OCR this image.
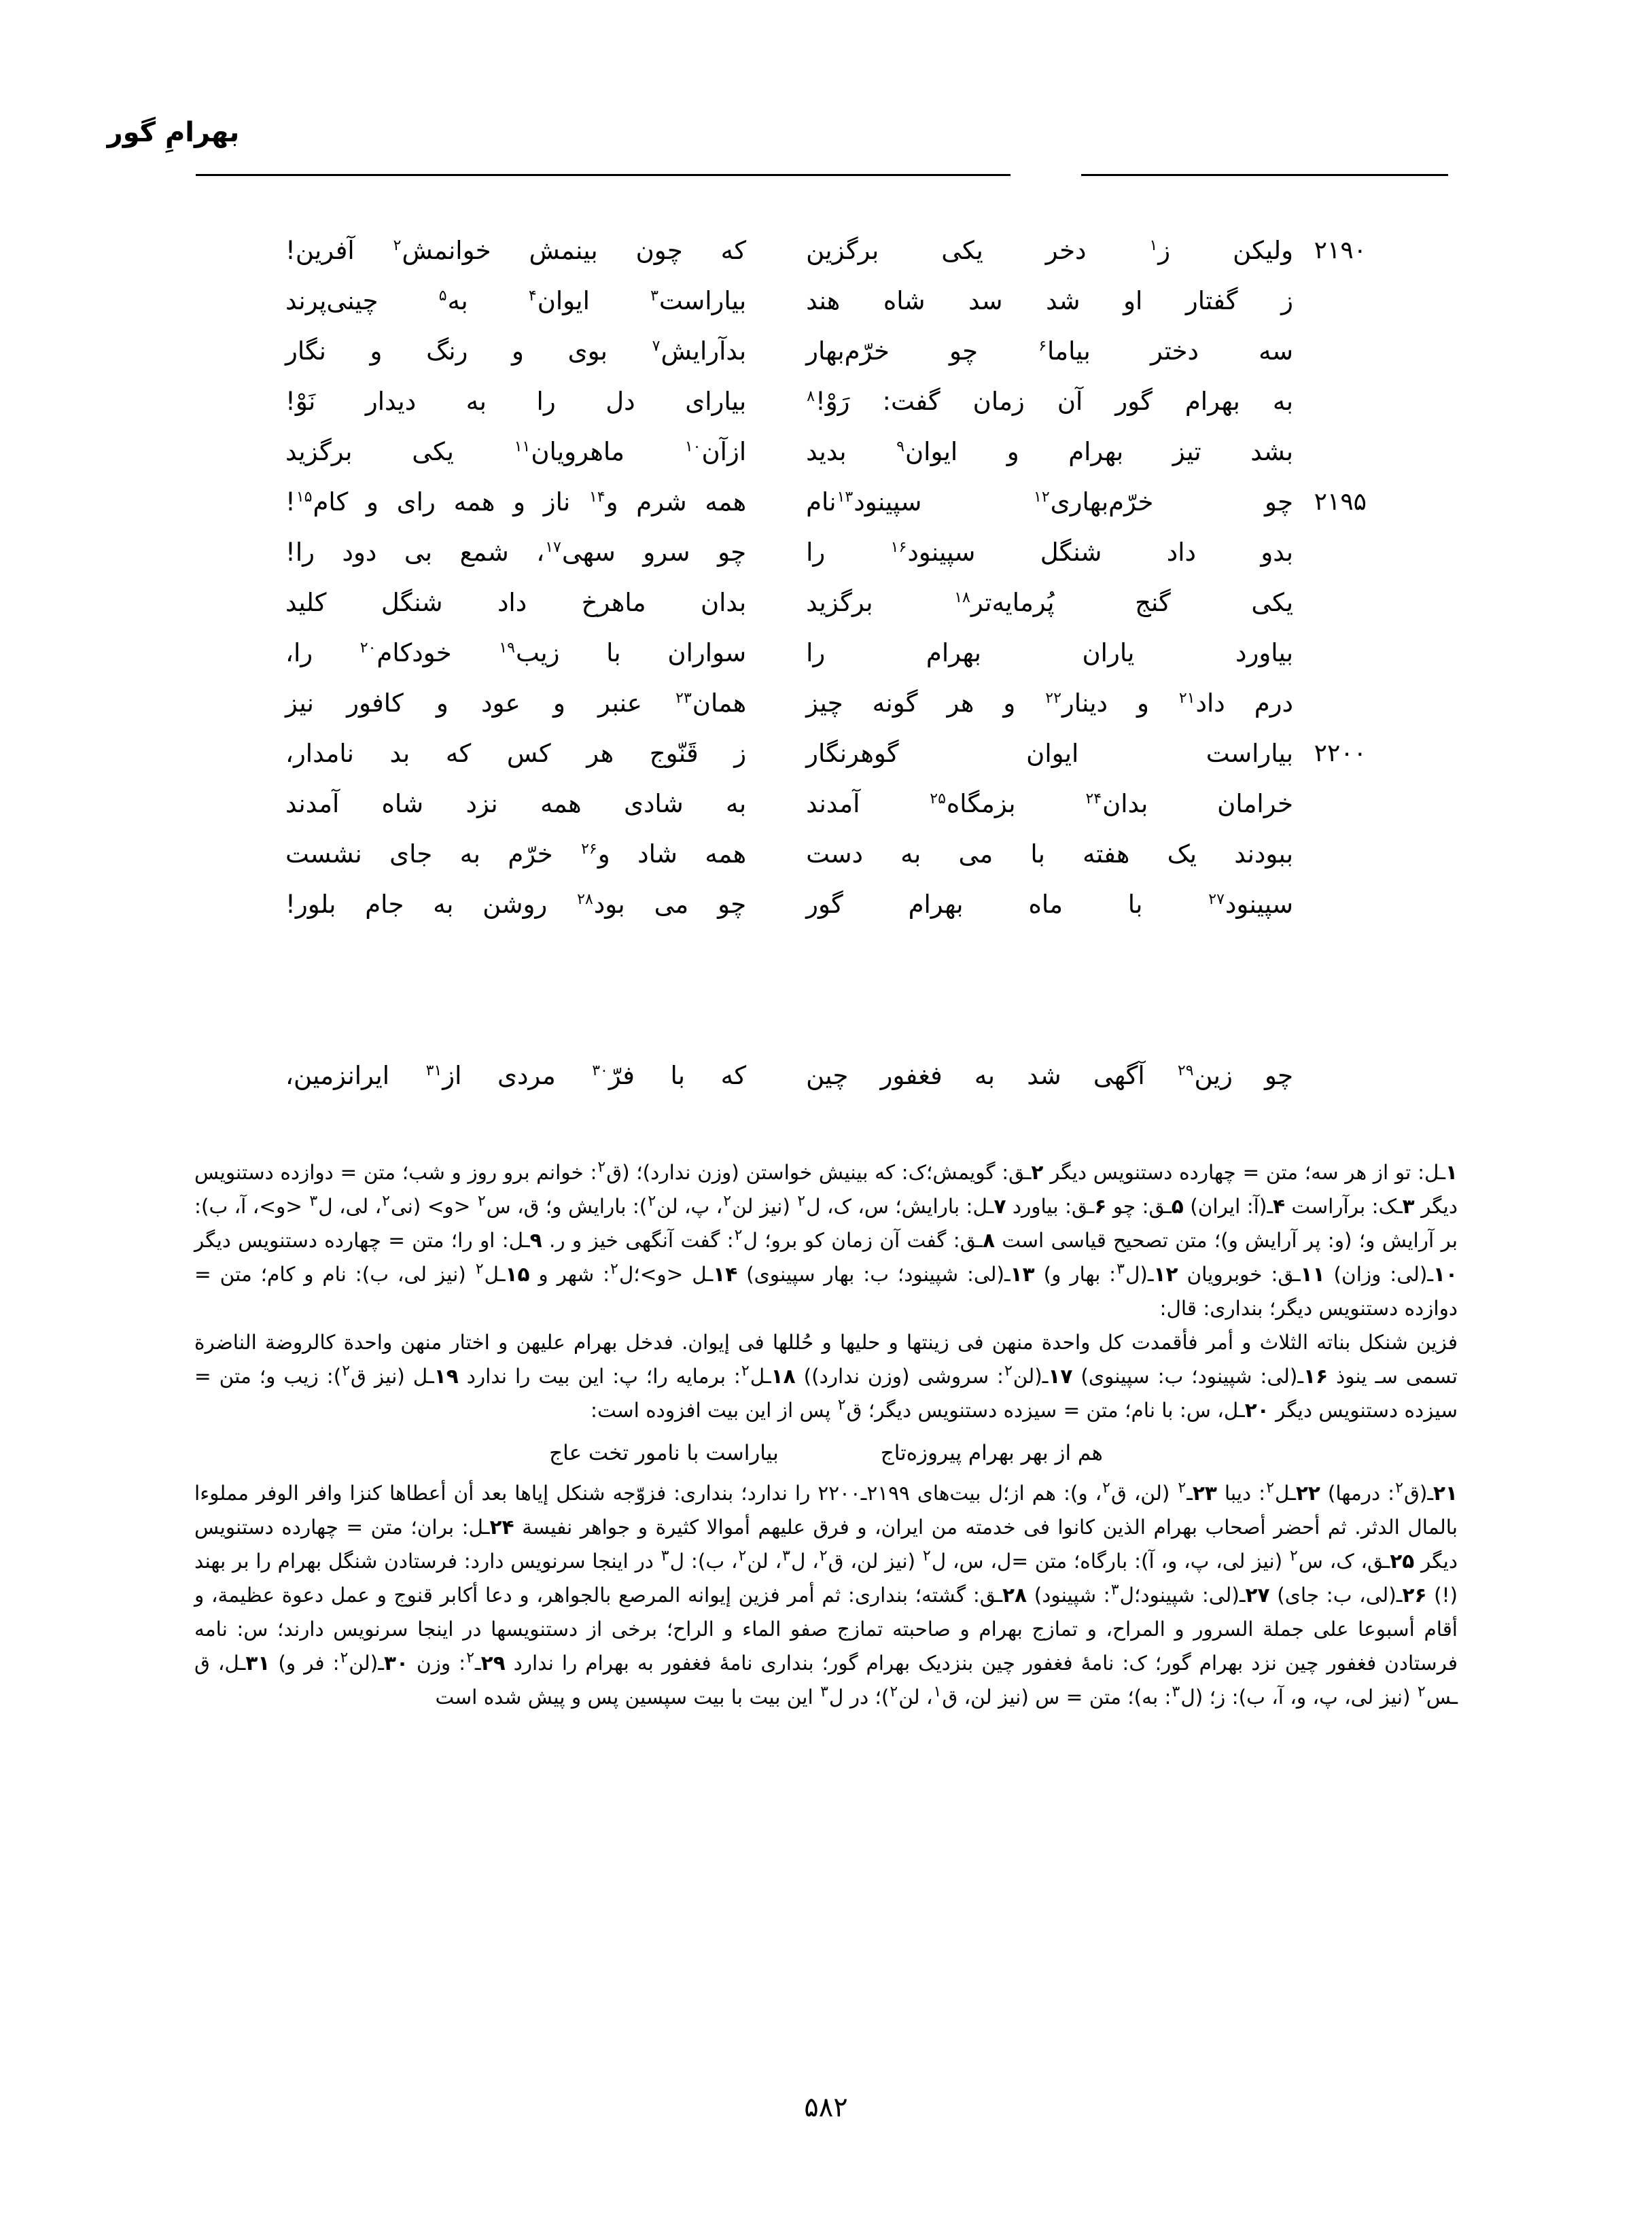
بهرامِ گور
۲۱۹۰
ولیکن ز$^۱$ دخر یکی برگزین
که چون بینمش خوانمش$^۲$ آفرین!

ز گفتار او شد سد شاه هند
بیاراست$^۳$ ایوان$^۴$ به$^۵$ چینی‌پرند

سه دختر بیاما$^۶$ چو خرّم‌بهار
بدآرایش$^۷$ بوی و رنگ و نگار

به بهرام گور آن زمان گفت: رَوْ!$^۸$
بیارای دل را به دیدار نَوْ!

بشد تیز بهرام و ایوان$^۹$ بدید
ازآن$^{۱۰}$ ماهرویان$^{۱۱}$ یکی برگزید
۲۱۹۵
چو خرّم‌بهاری$^{۱۲}$ سپینود$^{۱۳}$نام
همه شرم و$^{۱۴}$ ناز و همه رای و کام$^{۱۵}$!

بدو داد شنگل سپینود$^{۱۶}$ را
چو سرو سهی$^{۱۷}$، شمع بی دود را!

یکی گنج پُرمایه‌تر$^{۱۸}$ برگزید
بدان ماهرخ داد شنگل کلید

بیاورد یاران بهرام را
سواران با زیب$^{۱۹}$ خودکام$^{۲۰}$ را،

درم داد$^{۲۱}$ و دینار$^{۲۲}$ و هر گونه چیز
همان$^{۲۳}$ عنبر و عود و کافور نیز
۲۲۰۰
بیاراست ایوان گوهرنگار
ز قَنّوج هر کس که بد نامدار،

خرامان بدان$^{۲۴}$ بزمگاه$^{۲۵}$ آمدند
به شادی همه نزد شاه آمدند

ببودند یک هفته با می به دست
همه شاد و$^{۲۶}$ خرّم به جای نشست

سپینود$^{۲۷}$ با ماه بهرام گور
چو می بود$^{۲۸}$ روشن به جام بلور!

چو زین$^{۲۹}$ آگهی شد به فغفور چین
که با فرّ$^{۳۰}$ مردی از$^{۳۱}$ ایرانزمین،
۱ـل: تو از هر سه؛ متن = چهارده دستنویس دیگر ۲ـق: گویمش؛ک: که بینیش خواستن (وزن ندارد)؛ (ق$^۲$: خوانم برو روز و شب؛ متن = دوازده دستنویس دیگر ۳ـک: برآراست ۴ـ(آ: ایران) ۵ـق: چو ۶ـق: بیاورد ۷ـل: بارایش؛ س، ک، ل$^۲$ (نیز لن$^۲$، پ، لن$^۲$): بارایش و؛ ق، س$^۲$ <و> (نی$^۲$، لی، ل$^۳$ <و>، آ، ب): بر آرایش و؛ (و: پر آرایش و)؛ متن تصحیح قیاسی است ۸ـق: گفت آن زمان کو برو؛ ل$^۲$: گفت آنگهی خیز و ر. ۹ـل: او را؛ متن = چهارده دستنویس دیگر ۱۰ـ(لی: وزان) ۱۱ـق: خوبرویان ۱۲ـ(ل$^۳$: بهار و) ۱۳ـ(لی: شپینود؛ ب: بهار سپینوی) ۱۴ـل <و>؛ل$^۲$: شهر و ۱۵ـل$^۲$ (نیز لی، ب): نام و کام؛ متن = دوازده دستنویس دیگر؛ بنداری: قال:
فزین شنکل بناته الثلاث و أمر فأقمدت کل واحدة منهن فی زینتها و حلیها و حُللها فی إیوان. فدخل بهرام علیهن و اختار منهن واحدة کالروضة الناضرة تسمی سـ ینوذ ۱۶ـ(لی: شپینود؛ ب: سپینوی) ۱۷ـ(لن$^۲$: سروشی (وزن ندارد)) ۱۸ـل$^۲$: برمایه را؛ پ: این بیت را ندارد ۱۹ـل (نیز ق$^۲$): زیب و؛ متن = سیزده دستنویس دیگر ۲۰ـل، س: با نام؛ متن = سیزده دستنویس دیگر؛ ق$^۲$ پس از این بیت افزوده است:
هم از بهر بهرام پیروزه‌تاج
بیاراست با نامور تخت عاج
۲۱ـ(ق$^۲$: درمها) ۲۲ـل$^۲$: دیبا ۲۳ـ$^۲$ (لن، ق$^۲$، و): هم از؛ل بیت‌های ۲۱۹۹ـ۲۲۰۰ را ندارد؛ بنداری: فزوّجه شنکل إیاها بعد أن أعطاها کنزا وافر الوفر مملوءا بالمال الدثر. ثم أحضر أصحاب بهرام الذین کانوا فی خدمته من ایران، و فرق علیهم أموالا کثیرة و جواهر نفیسة ۲۴ـل: بران؛ متن = چهارده دستنویس دیگر ۲۵ـق، ک، س$^۲$ (نیز لی، پ، و، آ): بارگاه؛ متن =ل، س، ل$^۲$ (نیز لن، ق$^۲$، ل$^۳$، لن$^۲$، ب): ل$^۳$ در اینجا سرنویس دارد: فرستادن شنگل بهرام را بر بهند (!) ۲۶ـ(لی، ب: جای) ۲۷ـ(لی: شپینود؛ل$^۳$: شپینود) ۲۸ـق: گشته؛ بنداری: ثم أمر فزین إیوانه المرصع بالجواهر، و دعا أکابر قنوج و عمل دعوة عظیمة، و أقام أسبوعا علی جملة السرور و المراح، و تمازج بهرام و صاحبته تمازج صفو الماء و الراح؛ برخی از دستنویسها در اینجا سرنویس دارند؛ س: نامه فرستادن فغفور چین نزد بهرام گور؛ ک: نامهٔ فغفور چین بنزدیک بهرام گور؛ بنداری نامهٔ فغفور به بهرام را ندارد ۲۹ـ$^۲$: وزن ۳۰ـ(لن$^۲$: فر و) ۳۱ـل، ق ـس$^۲$ (نیز لی، پ، و، آ، ب): ز؛ (ل$^۳$: به)؛ متن = س (نیز لن، ق$^۱$، لن$^۲$)؛ در ل$^۳$ این بیت با بیت سپسین پس و پیش شده است
۵۸۲
